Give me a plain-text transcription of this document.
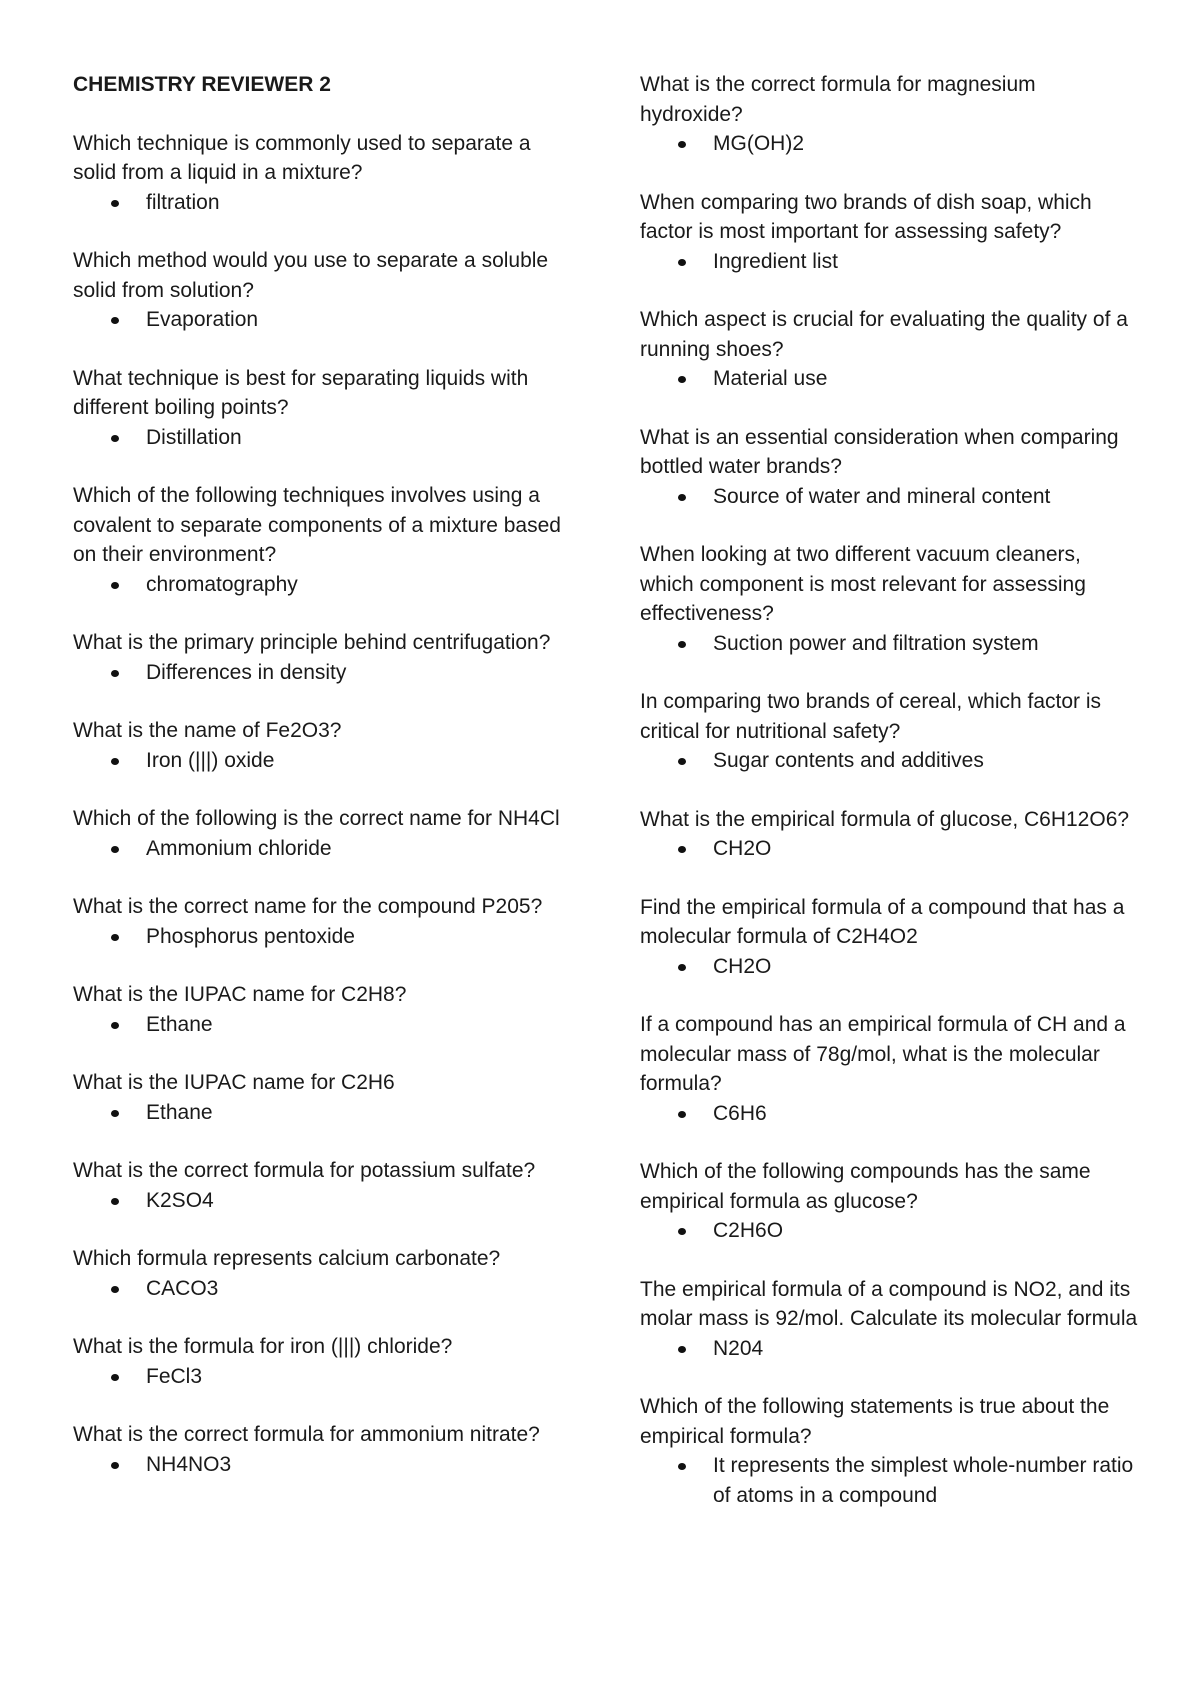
CHEMISTRY REVIEWER 2

Which technique is commonly used to separate a solid from a liquid in a mixture?

filtration

Which method would you use to separate a soluble solid from solution?

Evaporation

What technique is best for separating liquids with different boiling points?

Distillation

Which of the following techniques involves using a covalent to separate components of a mixture based on their environment?

chromatography

What is the primary principle behind centrifugation?

Differences in density

What is the name of Fe2O3?

Iron (|||) oxide

Which of the following is the correct name for NH4Cl

Ammonium chloride

What is the correct name for the compound P205?

Phosphorus pentoxide

What is the IUPAC name for C2H8?

Ethane

What is the IUPAC name for C2H6

Ethane

What is the correct formula for potassium sulfate?

K2SO4

Which formula represents calcium carbonate?

CACO3

What is the formula for iron (|||) chloride?

FeCl3

What is the correct formula for ammonium nitrate?

NH4NO3

What is the correct formula for magnesium hydroxide?

MG(OH)2

When comparing two brands of dish soap, which factor is most important for assessing safety?

Ingredient list

Which aspect is crucial for evaluating the quality of a running shoes?

Material use

What is an essential consideration when comparing bottled water brands?

Source of water and mineral content

When looking at two different vacuum cleaners, which component is most relevant for assessing effectiveness?

Suction power and filtration system

In comparing two brands of cereal, which factor is critical for nutritional safety?

Sugar contents and additives

What is the empirical formula of glucose, C6H12O6?

CH2O

Find the empirical formula of a compound that has a molecular formula of C2H4O2

CH2O

If a compound has an empirical formula of CH and a molecular mass of 78g/mol, what is the molecular formula?

C6H6

Which of the following compounds has the same empirical formula as glucose?

C2H6O

The empirical formula of a compound is NO2, and its molar mass is 92/mol. Calculate its molecular formula

N204

Which of the following statements is true about the empirical formula?

It represents the simplest whole-number ratio of atoms in a compound
